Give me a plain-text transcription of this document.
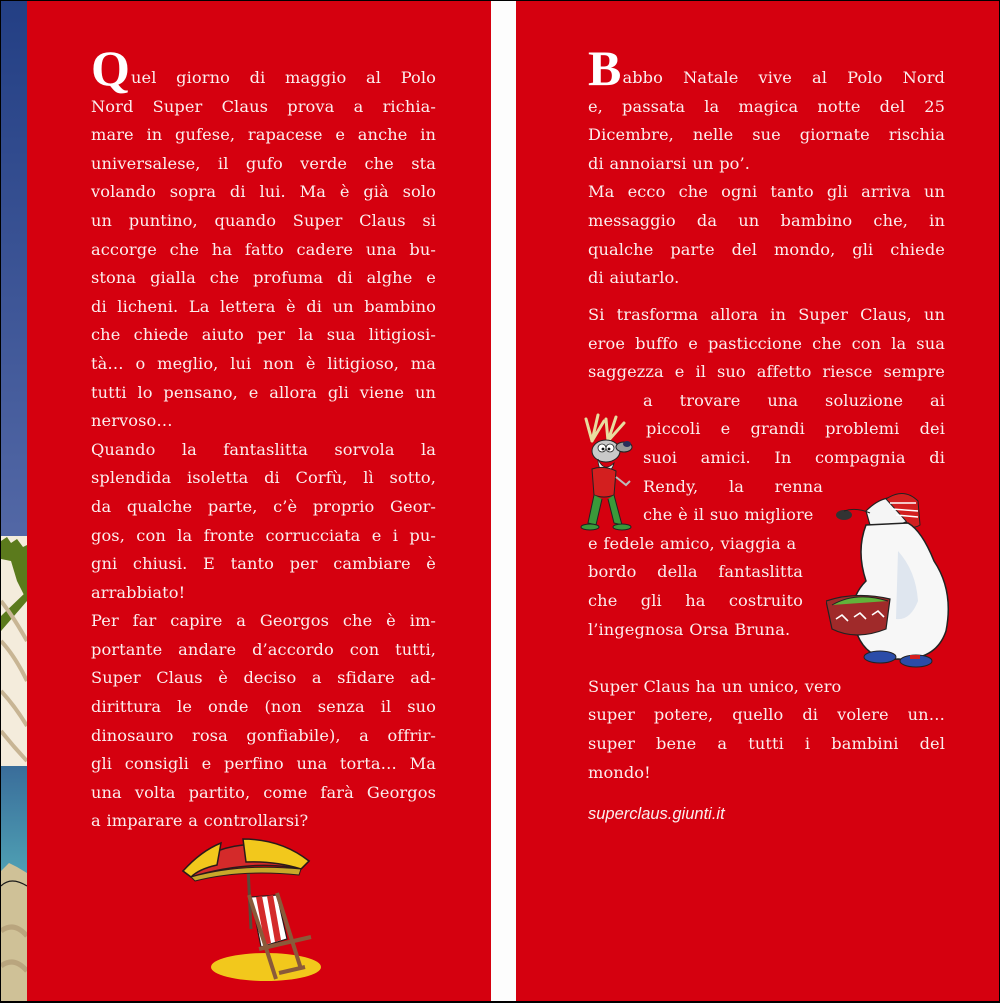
Quel giorno di maggio al Polo
Nord Super Claus prova a richia-
mare in gufese, rapacese e anche in
universalese, il gufo verde che sta
volando sopra di lui. Ma è già solo
un puntino, quando Super Claus si
accorge che ha fatto cadere una bu-
stona gialla che profuma di alghe e
di licheni. La lettera è di un bambino
che chiede aiuto per la sua litigiosi-
tà… o meglio, lui non è litigioso, ma
tutti lo pensano, e allora gli viene un
nervoso…
Quando la fantaslitta sorvola la
splendida isoletta di Corfù, lì sotto,
da qualche parte, c’è proprio Geor-
gos, con la fronte corrucciata e i pu-
gni chiusi. E tanto per cambiare è
arrabbiato!
Per far capire a Georgos che è im-
portante andare d’accordo con tutti,
Super Claus è deciso a sfidare ad-
dirittura le onde (non senza il suo
dinosauro rosa gonfiabile), a offrir-
gli consigli e perfino una torta… Ma
una volta partito, come farà Georgos
a imparare a controllarsi?
Babbo Natale vive al Polo Nord
e, passata la magica notte del 25
Dicembre, nelle sue giornate rischia
di annoiarsi un po’.
Ma ecco che ogni tanto gli arriva un
messaggio da un bambino che, in
qualche parte del mondo, gli chiede
di aiutarlo.
Si trasforma allora in Super Claus, un
eroe buffo e pasticcione che con la sua
saggezza e il suo affetto riesce sempre
a trovare una soluzione ai
piccoli e grandi problemi dei
suoi amici. In compagnia di
Rendy, la renna
che è il suo migliore
e fedele amico, viaggia a
bordo della fantaslitta
che gli ha costruito
l’ingegnosa Orsa Bruna.
Super Claus ha un unico, vero
super potere, quello di volere un…
super bene a tutti i bambini del
mondo!
superclaus.giunti.it
